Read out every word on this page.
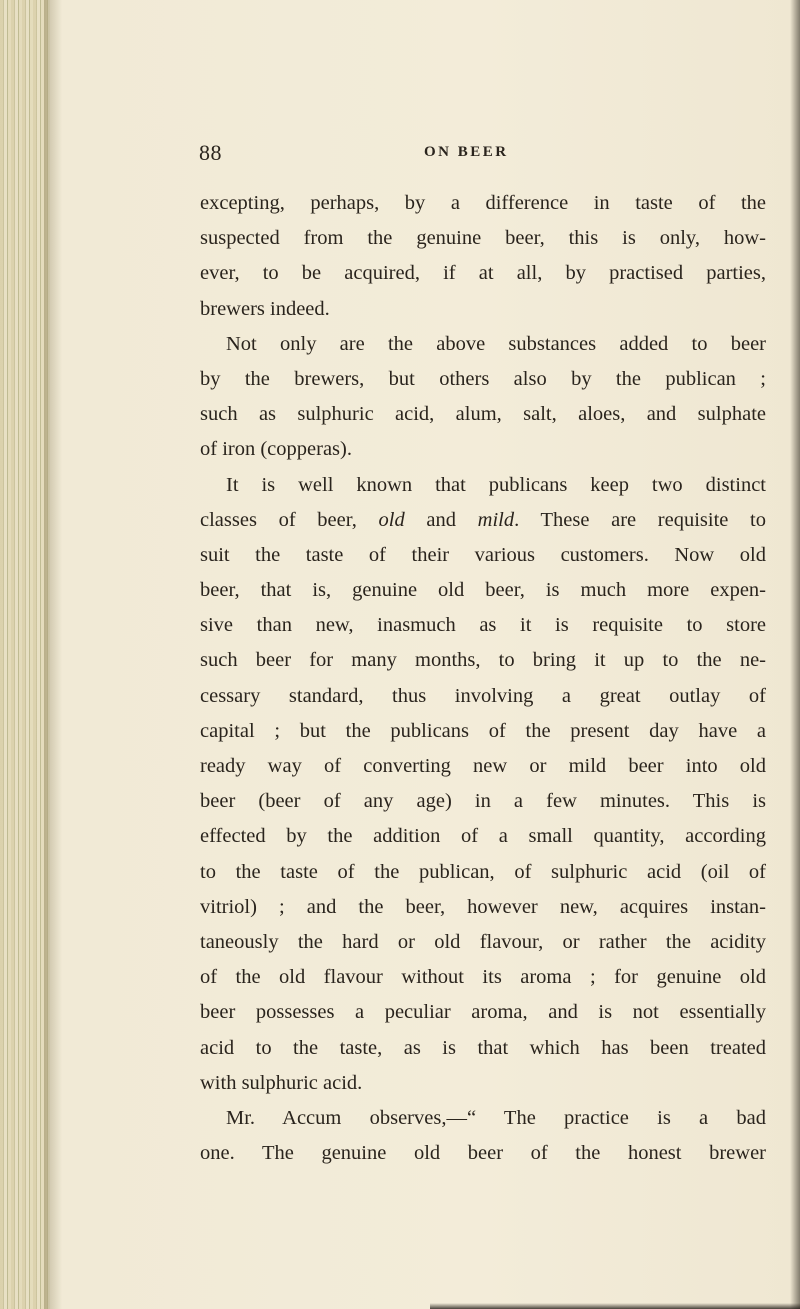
88	ON BEER
excepting, perhaps, by a difference in taste of the
suspected from the genuine beer, this is only, how-
ever, to be acquired, if at all, by practised parties,
brewers indeed.
Not only are the above substances added to beer
by the brewers, but others also by the publican ;
such as sulphuric acid, alum, salt, aloes, and sulphate
of iron (copperas).
It is well known that publicans keep two distinct
classes of beer, old and mild. These are requisite to
suit the taste of their various customers. Now old
beer, that is, genuine old beer, is much more expen-
sive than new, inasmuch as it is requisite to store
such beer for many months, to bring it up to the ne-
cessary standard, thus involving a great outlay of
capital ; but the publicans of the present day have a
ready way of converting new or mild beer into old
beer (beer of any age) in a few minutes. This is
effected by the addition of a small quantity, according
to the taste of the publican, of sulphuric acid (oil of
vitriol) ; and the beer, however new, acquires instan-
taneously the hard or old flavour, or rather the acidity
of the old flavour without its aroma ; for genuine old
beer possesses a peculiar aroma, and is not essentially
acid to the taste, as is that which has been treated
with sulphuric acid.
Mr. Accum observes,—“ The practice is a bad
one. The genuine old beer of the honest brewer
